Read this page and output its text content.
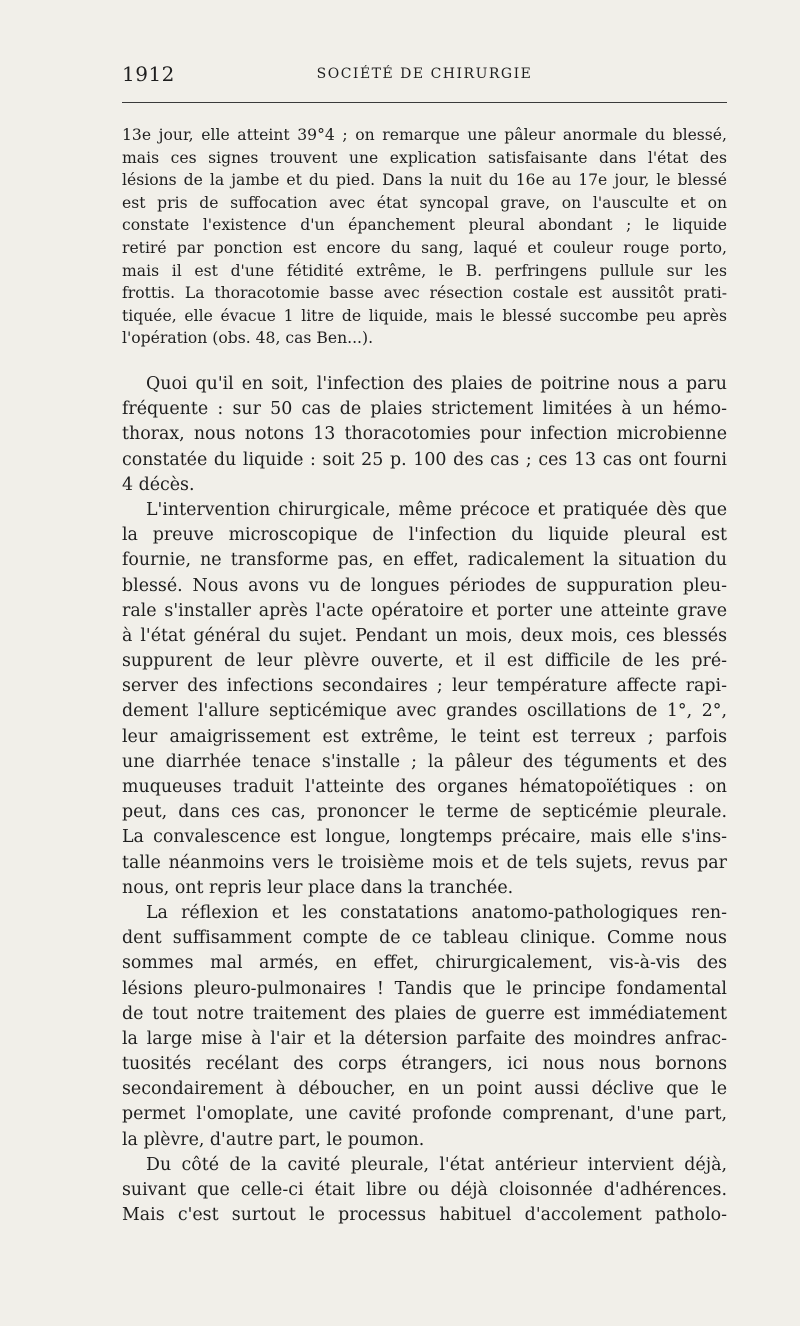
1912	SOCIÉTÉ DE CHIRURGIE
13e jour, elle atteint 39°4 ; on remarque une pâleur anormale du blessé,
mais ces signes trouvent une explication satisfaisante dans l'état des
lésions de la jambe et du pied. Dans la nuit du 16e au 17e jour, le blessé
est pris de suffocation avec état syncopal grave, on l'ausculte et on
constate l'existence d'un épanchement pleural abondant ; le liquide
retiré par ponction est encore du sang, laqué et couleur rouge porto,
mais il est d'une fétidité extrême, le B. perfringens pullule sur les
frottis. La thoracotomie basse avec résection costale est aussitôt prati-
tiquée, elle évacue 1 litre de liquide, mais le blessé succombe peu après
l'opération (obs. 48, cas Ben...).
Quoi qu'il en soit, l'infection des plaies de poitrine nous a paru
fréquente : sur 50 cas de plaies strictement limitées à un hémo-
thorax, nous notons 13 thoracotomies pour infection microbienne
constatée du liquide : soit 25 p. 100 des cas ; ces 13 cas ont fourni
4 décès.
L'intervention chirurgicale, même précoce et pratiquée dès que
la preuve microscopique de l'infection du liquide pleural est
fournie, ne transforme pas, en effet, radicalement la situation du
blessé. Nous avons vu de longues périodes de suppuration pleu-
rale s'installer après l'acte opératoire et porter une atteinte grave
à l'état général du sujet. Pendant un mois, deux mois, ces blessés
suppurent de leur plèvre ouverte, et il est difficile de les pré-
server des infections secondaires ; leur température affecte rapi-
dement l'allure septicémique avec grandes oscillations de 1°, 2°,
leur amaigrissement est extrême, le teint est terreux ; parfois
une diarrhée tenace s'installe ; la pâleur des téguments et des
muqueuses traduit l'atteinte des organes hématopoïétiques : on
peut, dans ces cas, prononcer le terme de septicémie pleurale.
La convalescence est longue, longtemps précaire, mais elle s'ins-
talle néanmoins vers le troisième mois et de tels sujets, revus par
nous, ont repris leur place dans la tranchée.
La réflexion et les constatations anatomo-pathologiques ren-
dent suffisamment compte de ce tableau clinique. Comme nous
sommes mal armés, en effet, chirurgicalement, vis-à-vis des
lésions pleuro-pulmonaires ! Tandis que le principe fondamental
de tout notre traitement des plaies de guerre est immédiatement
la large mise à l'air et la détersion parfaite des moindres anfrac-
tuosités recélant des corps étrangers, ici nous nous bornons
secondairement à déboucher, en un point aussi déclive que le
permet l'omoplate, une cavité profonde comprenant, d'une part,
la plèvre, d'autre part, le poumon.
Du côté de la cavité pleurale, l'état antérieur intervient déjà,
suivant que celle-ci était libre ou déjà cloisonnée d'adhérences.
Mais c'est surtout le processus habituel d'accolement patholo-
